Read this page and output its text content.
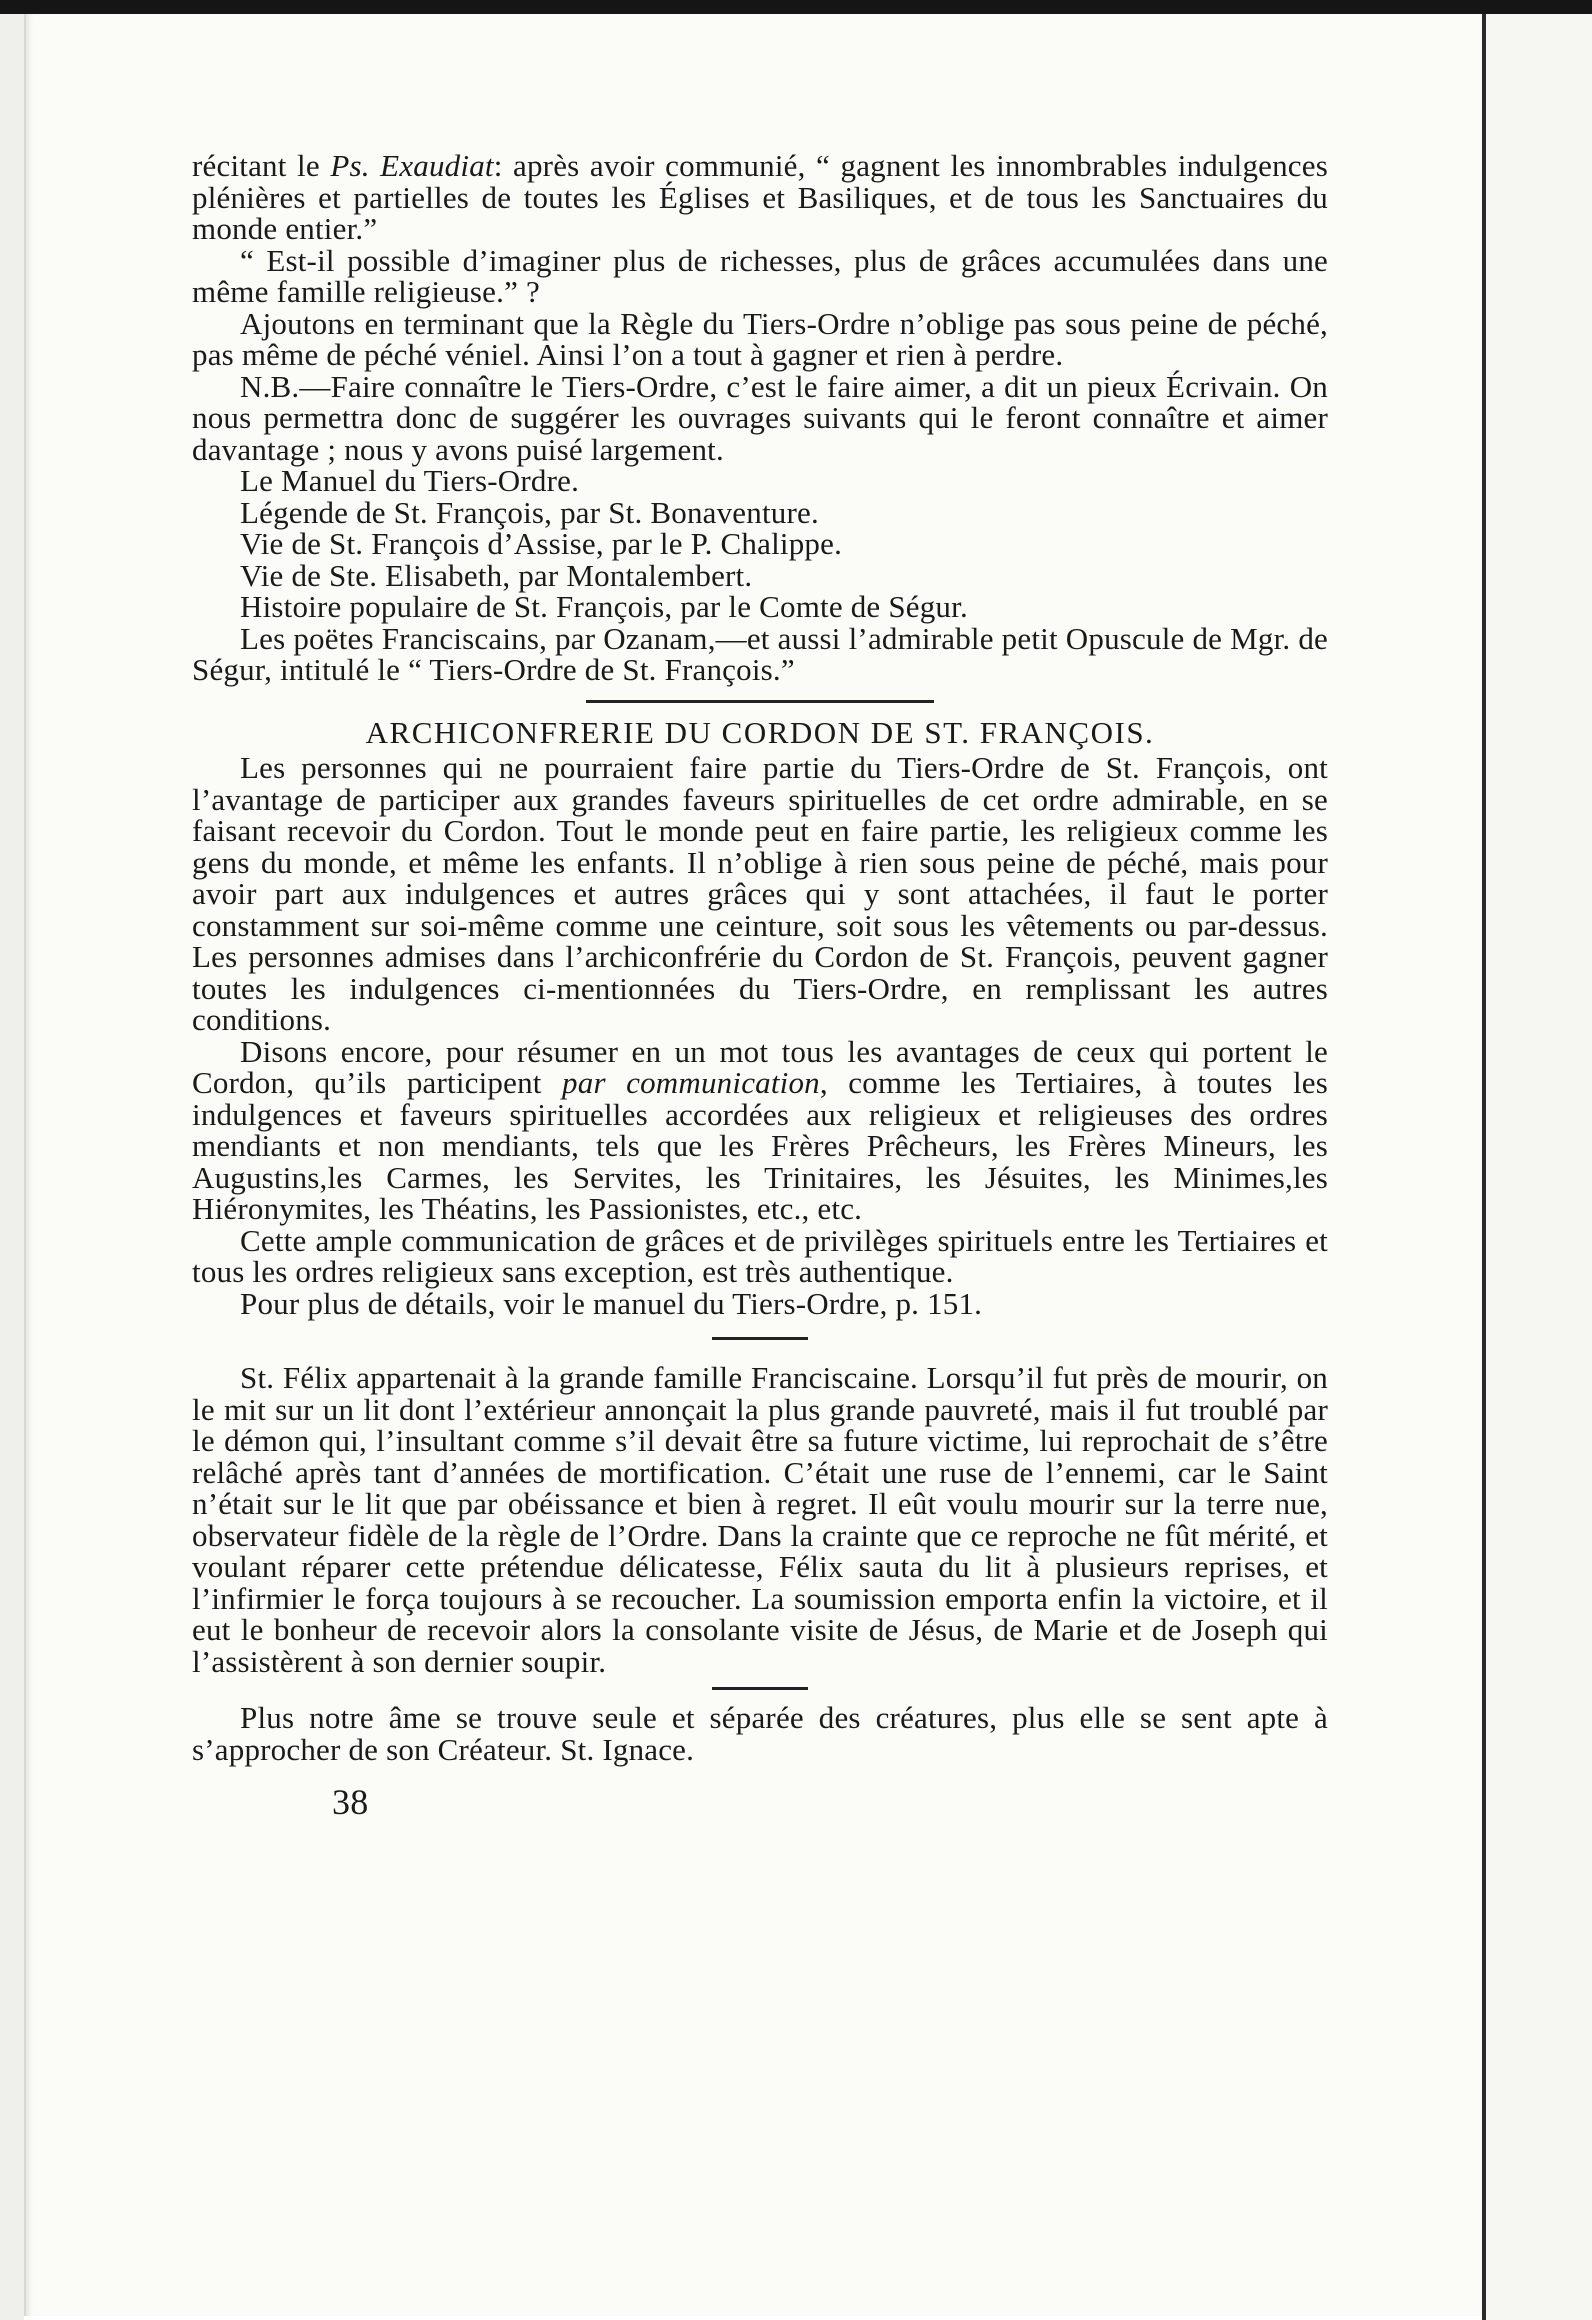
récitant le Ps. Exaudiat: après avoir communié, “ gagnent les innombrables indulgences plénières et partielles de toutes les Églises et Basiliques, et de tous les Sanctuaires du monde entier.”

“ Est-il possible d’imaginer plus de richesses, plus de grâces accumulées dans une même famille religieuse.” ?

Ajoutons en terminant que la Règle du Tiers-Ordre n’oblige pas sous peine de péché, pas même de péché véniel. Ainsi l’on a tout à gagner et rien à perdre.

N.B.—Faire connaître le Tiers-Ordre, c’est le faire aimer, a dit un pieux Écrivain. On nous permettra donc de suggérer les ouvrages suivants qui le feront connaître et aimer davantage ; nous y avons puisé largement.

Le Manuel du Tiers-Ordre.

Légende de St. François, par St. Bonaventure.

Vie de St. François d’Assise, par le P. Chalippe.

Vie de Ste. Elisabeth, par Montalembert.

Histoire populaire de St. François, par le Comte de Ségur.

Les poëtes Franciscains, par Ozanam,—et aussi l’admirable petit Opuscule de Mgr. de Ségur, intitulé le “ Tiers-Ordre de St. François.”

ARCHICONFRERIE DU CORDON DE ST. FRANÇOIS.

Les personnes qui ne pourraient faire partie du Tiers-Ordre de St. François, ont l’avantage de participer aux grandes faveurs spirituelles de cet ordre admirable, en se faisant recevoir du Cordon. Tout le monde peut en faire partie, les religieux comme les gens du monde, et même les enfants. Il n’oblige à rien sous peine de péché, mais pour avoir part aux indulgences et autres grâces qui y sont attachées, il faut le porter constamment sur soi-même comme une ceinture, soit sous les vêtements ou par-dessus. Les personnes admises dans l’archiconfrérie du Cordon de St. François, peuvent gagner toutes les indulgences ci-mentionnées du Tiers-Ordre, en remplissant les autres conditions.

Disons encore, pour résumer en un mot tous les avantages de ceux qui portent le Cordon, qu’ils participent par communication, comme les Tertiaires, à toutes les indulgences et faveurs spirituelles accordées aux religieux et religieuses des ordres mendiants et non mendiants, tels que les Frères Prêcheurs, les Frères Mineurs, les Augustins,les Carmes, les Servites, les Trinitaires, les Jésuites, les Minimes,les Hiéronymites, les Théatins, les Passionistes, etc., etc.

Cette ample communication de grâces et de privilèges spirituels entre les Tertiaires et tous les ordres religieux sans exception, est très authentique.

Pour plus de détails, voir le manuel du Tiers-Ordre, p. 151.

St. Félix appartenait à la grande famille Franciscaine. Lorsqu’il fut près de mourir, on le mit sur un lit dont l’extérieur annonçait la plus grande pauvreté, mais il fut troublé par le démon qui, l’insultant comme s’il devait être sa future victime, lui reprochait de s’être relâché après tant d’années de mortification. C’était une ruse de l’ennemi, car le Saint n’était sur le lit que par obéissance et bien à regret. Il eût voulu mourir sur la terre nue, observateur fidèle de la règle de l’Ordre. Dans la crainte que ce reproche ne fût mérité, et voulant réparer cette prétendue délicatesse, Félix sauta du lit à plusieurs reprises, et l’infirmier le força toujours à se recoucher. La soumission emporta enfin la victoire, et il eut le bonheur de recevoir alors la consolante visite de Jésus, de Marie et de Joseph qui l’assistèrent à son dernier soupir.

Plus notre âme se trouve seule et séparée des créatures, plus elle se sent apte à s’approcher de son Créateur. St. Ignace.

38
